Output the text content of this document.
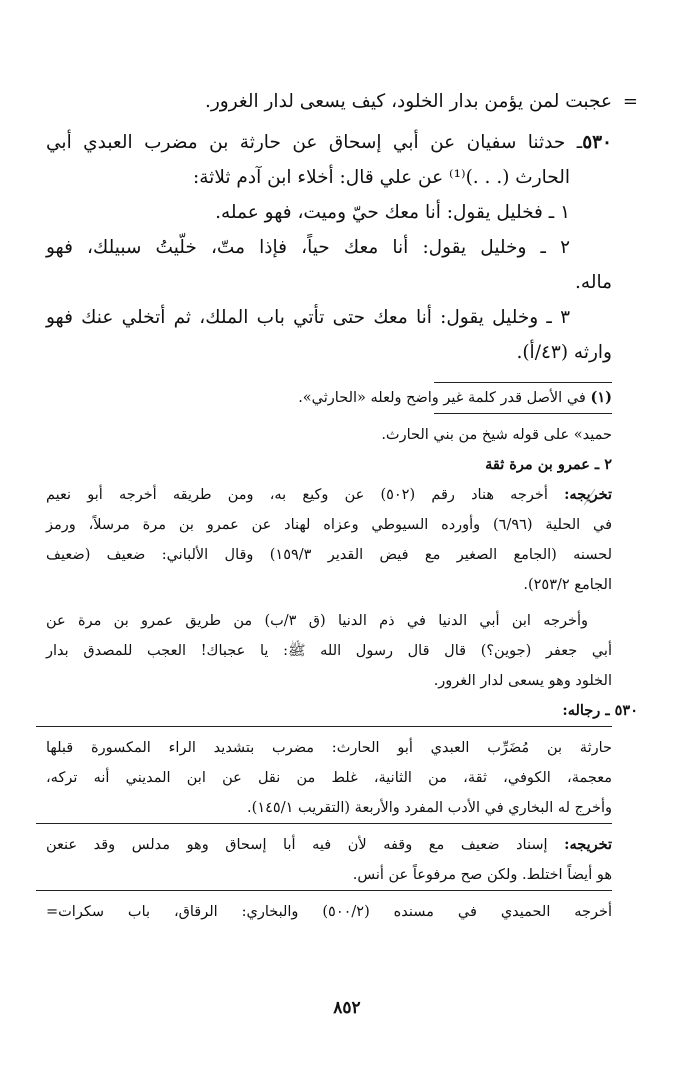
=
عجبت لمن يؤمن بدار الخلود، كيف يسعى لدار الغرور.
٥٣٠ـ حدثنا سفيان عن أبي إسحاق عن حارثة بن مضرب العبدي أبي
الحارث (. . .)⁽¹⁾ عن علي قال: أخلاء ابن آدم ثلاثة:
١ ـ فخليل يقول: أنا معك حيّ وميت، فهو عمله.
٢ ـ وخليل يقول: أنا معك حياً، فإذا متّ، خلّيتُ سبيلك، فهو
ماله.
٣ ـ وخليل يقول: أنا معك حتى تأتي باب الملك، ثم أتخلي عنك فهو
وارثه (٤٣/أ).
(١) في الأصل قدر كلمة غير واضح ولعله «الحارثي».
حميد» على قوله شيخ من بني الحارث.
٢ ـ عمرو بن مرة ثقة
تخريجه: أخرجه هناد رقم (٥٠٢) عن وكيع به، ومن طريقه أخرجه أبو نعيم
في الحلية (٦/٩٦) وأورده السيوطي وعزاه لهناد عن عمرو بن مرة مرسلاً، ورمز
لحسنه (الجامع الصغير مع فيض القدير ١٥٩/٣) وقال الألباني: ضعيف (ضعيف
الجامع ٢٥٣/٢).
وأخرجه ابن أبي الدنيا في ذم الدنيا (ق ٣/ب) من طريق عمرو بن مرة عن
أبي جعفر (جوين؟) قال قال رسول الله ﷺ: يا عجباك! العجب للمصدق بدار
الخلود وهو يسعى لدار الغرور.
٥٣٠ ـ رجاله:
حارثة بن مُضَرِّب العبدي أبو الحارث: مضرب بتشديد الراء المكسورة قبلها
معجمة، الكوفي، ثقة، من الثانية، غلط من نقل عن ابن المديني أنه تركه،
وأخرج له البخاري في الأدب المفرد والأربعة (التقريب ١٤٥/١).
تخريجه: إسناد ضعيف مع وقفه لأن فيه أبا إسحاق وهو مدلس وقد عنعن
هو أيضاً اختلط. ولكن صح مرفوعاً عن أنس.
أخرجه الحميدي في مسنده (٥٠٠/٢) والبخاري: الرقاق، باب سكرات=
٨٥٢
